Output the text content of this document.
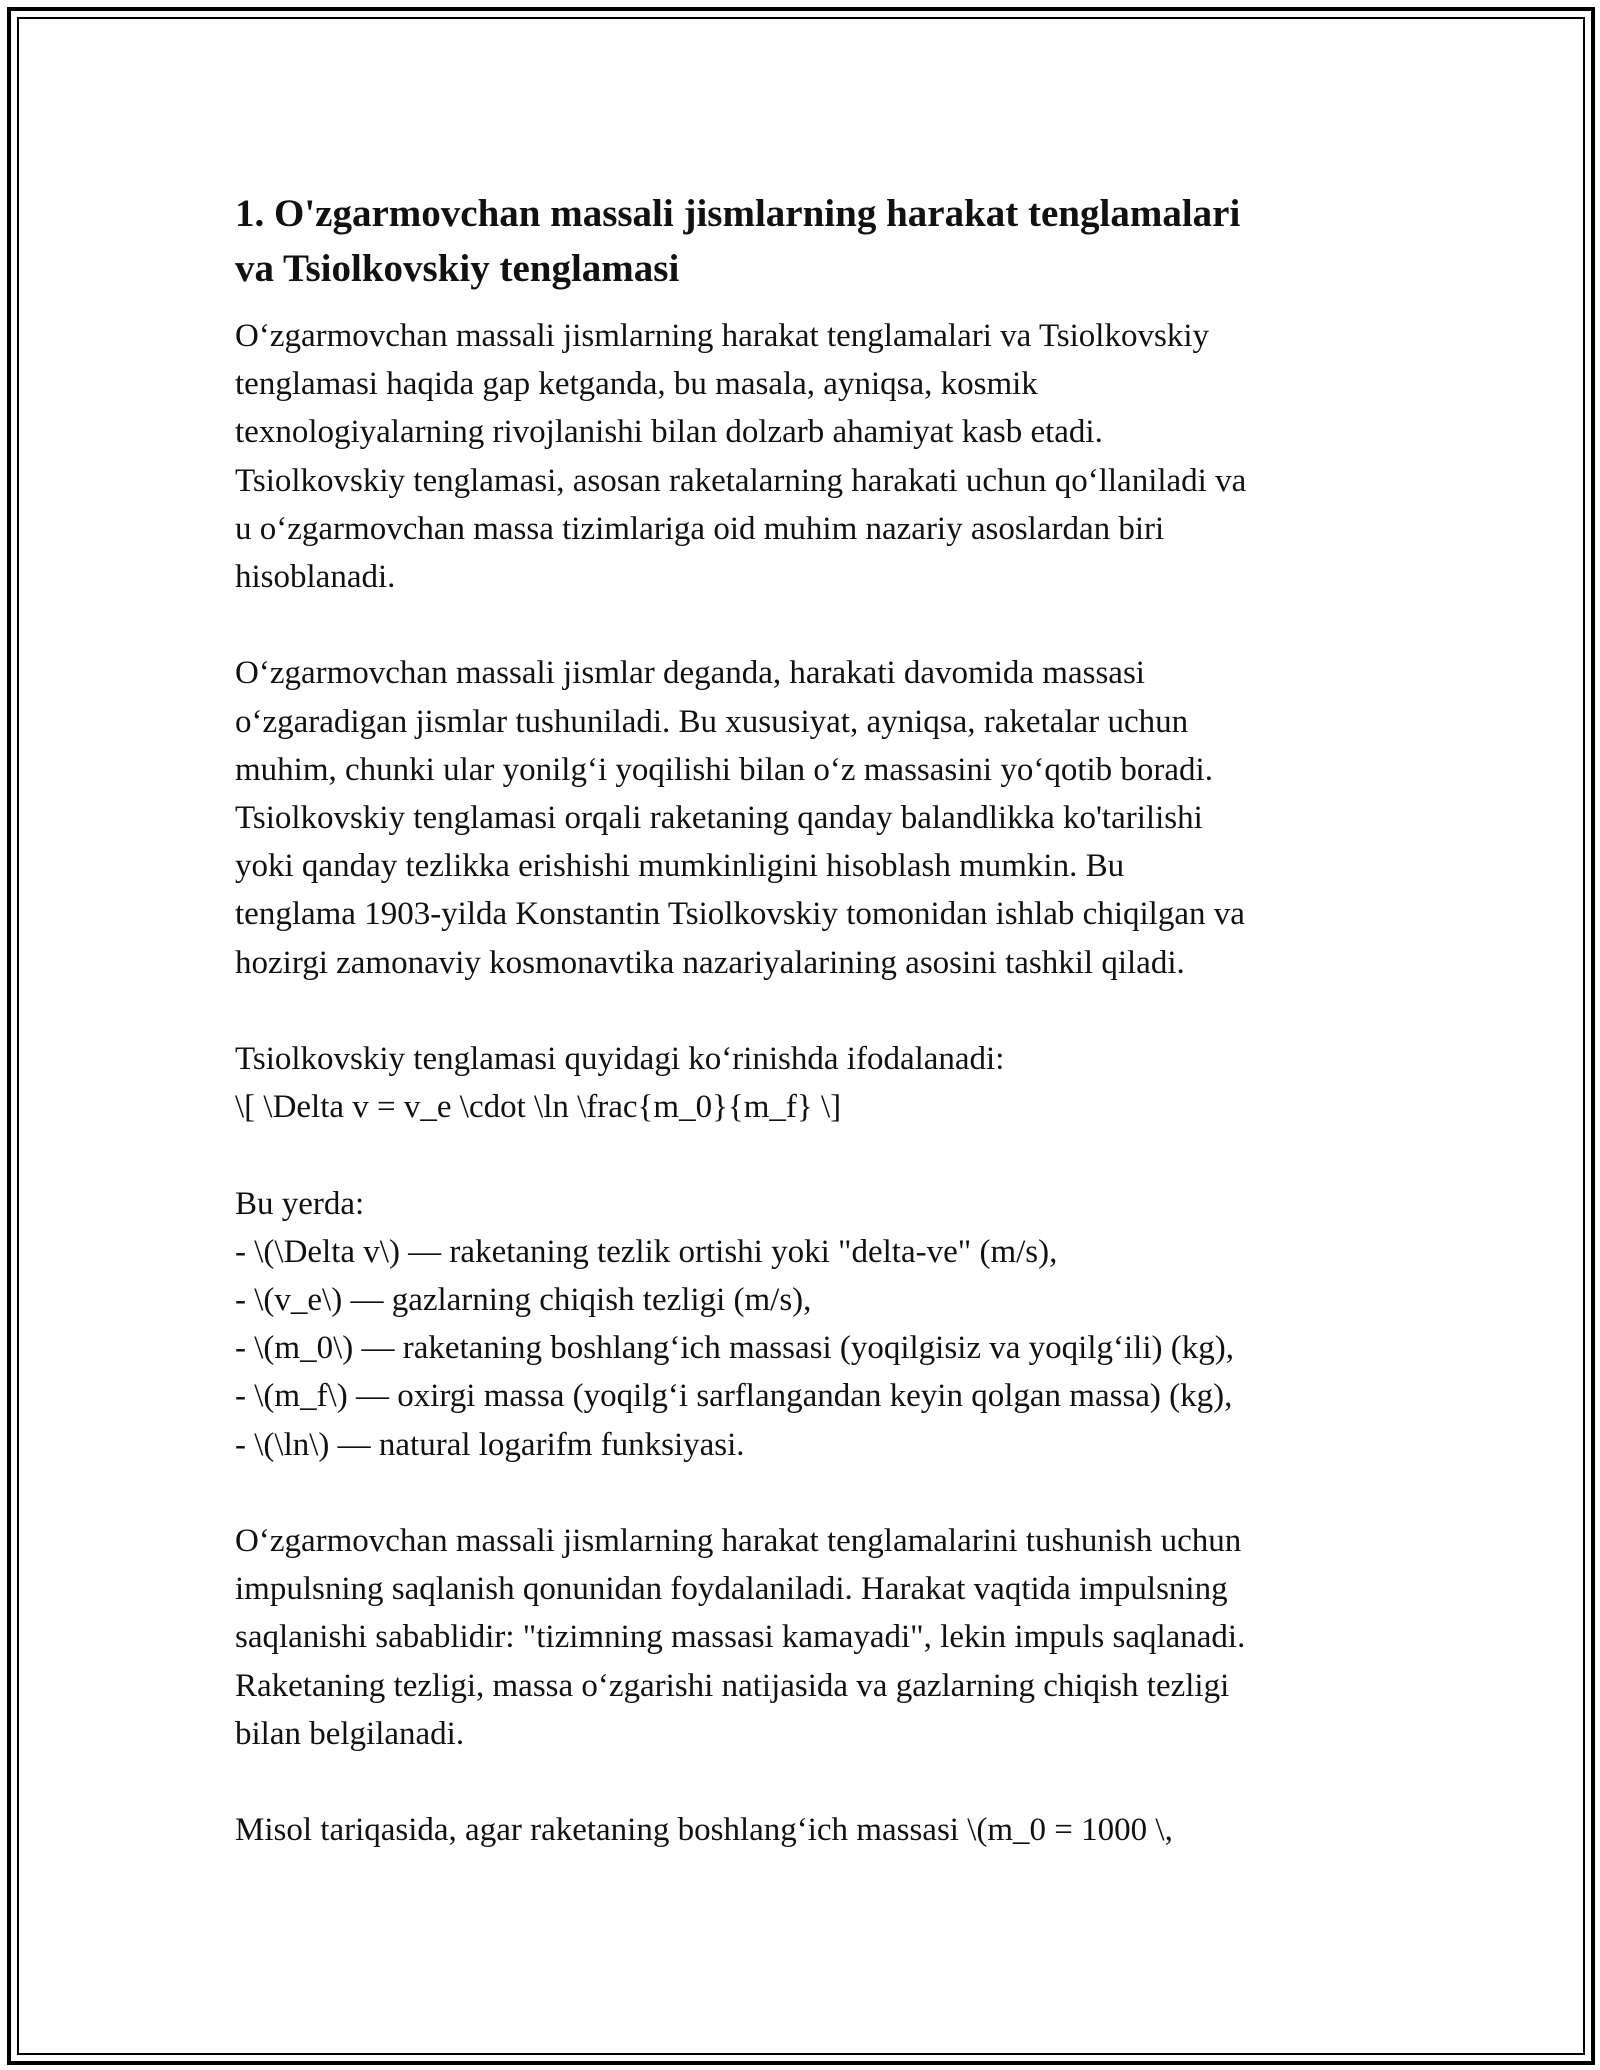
1. O'zgarmovchan massali jismlarning harakat tenglamalari
va Tsiolkovskiy tenglamasi
O‘zgarmovchan massali jismlarning harakat tenglamalari va Tsiolkovskiy
tenglamasi haqida gap ketganda, bu masala, ayniqsa, kosmik
texnologiyalarning rivojlanishi bilan dolzarb ahamiyat kasb etadi.
Tsiolkovskiy tenglamasi, asosan raketalarning harakati uchun qo‘llaniladi va
u o‘zgarmovchan massa tizimlariga oid muhim nazariy asoslardan biri
hisoblanadi.
O‘zgarmovchan massali jismlar deganda, harakati davomida massasi
o‘zgaradigan jismlar tushuniladi. Bu xususiyat, ayniqsa, raketalar uchun
muhim, chunki ular yonilg‘i yoqilishi bilan o‘z massasini yo‘qotib boradi.
Tsiolkovskiy tenglamasi orqali raketaning qanday balandlikka ko'tarilishi
yoki qanday tezlikka erishishi mumkinligini hisoblash mumkin. Bu
tenglama 1903-yilda Konstantin Tsiolkovskiy tomonidan ishlab chiqilgan va
hozirgi zamonaviy kosmonavtika nazariyalarining asosini tashkil qiladi.
Tsiolkovskiy tenglamasi quyidagi ko‘rinishda ifodalanadi:
\[ \Delta v = v_e \cdot \ln \frac{m_0}{m_f} \]
Bu yerda:
- \(\Delta v\) — raketaning tezlik ortishi yoki "delta-ve" (m/s),
- \(v_e\) — gazlarning chiqish tezligi (m/s),
- \(m_0\) — raketaning boshlang‘ich massasi (yoqilgisiz va yoqilg‘ili) (kg),
- \(m_f\) — oxirgi massa (yoqilg‘i sarflangandan keyin qolgan massa) (kg),
- \(\ln\) — natural logarifm funksiyasi.
O‘zgarmovchan massali jismlarning harakat tenglamalarini tushunish uchun
impulsning saqlanish qonunidan foydalaniladi. Harakat vaqtida impulsning
saqlanishi sabablidir: "tizimning massasi kamayadi", lekin impuls saqlanadi.
Raketaning tezligi, massa o‘zgarishi natijasida va gazlarning chiqish tezligi
bilan belgilanadi.
Misol tariqasida, agar raketaning boshlang‘ich massasi \(m_0 = 1000 \,
